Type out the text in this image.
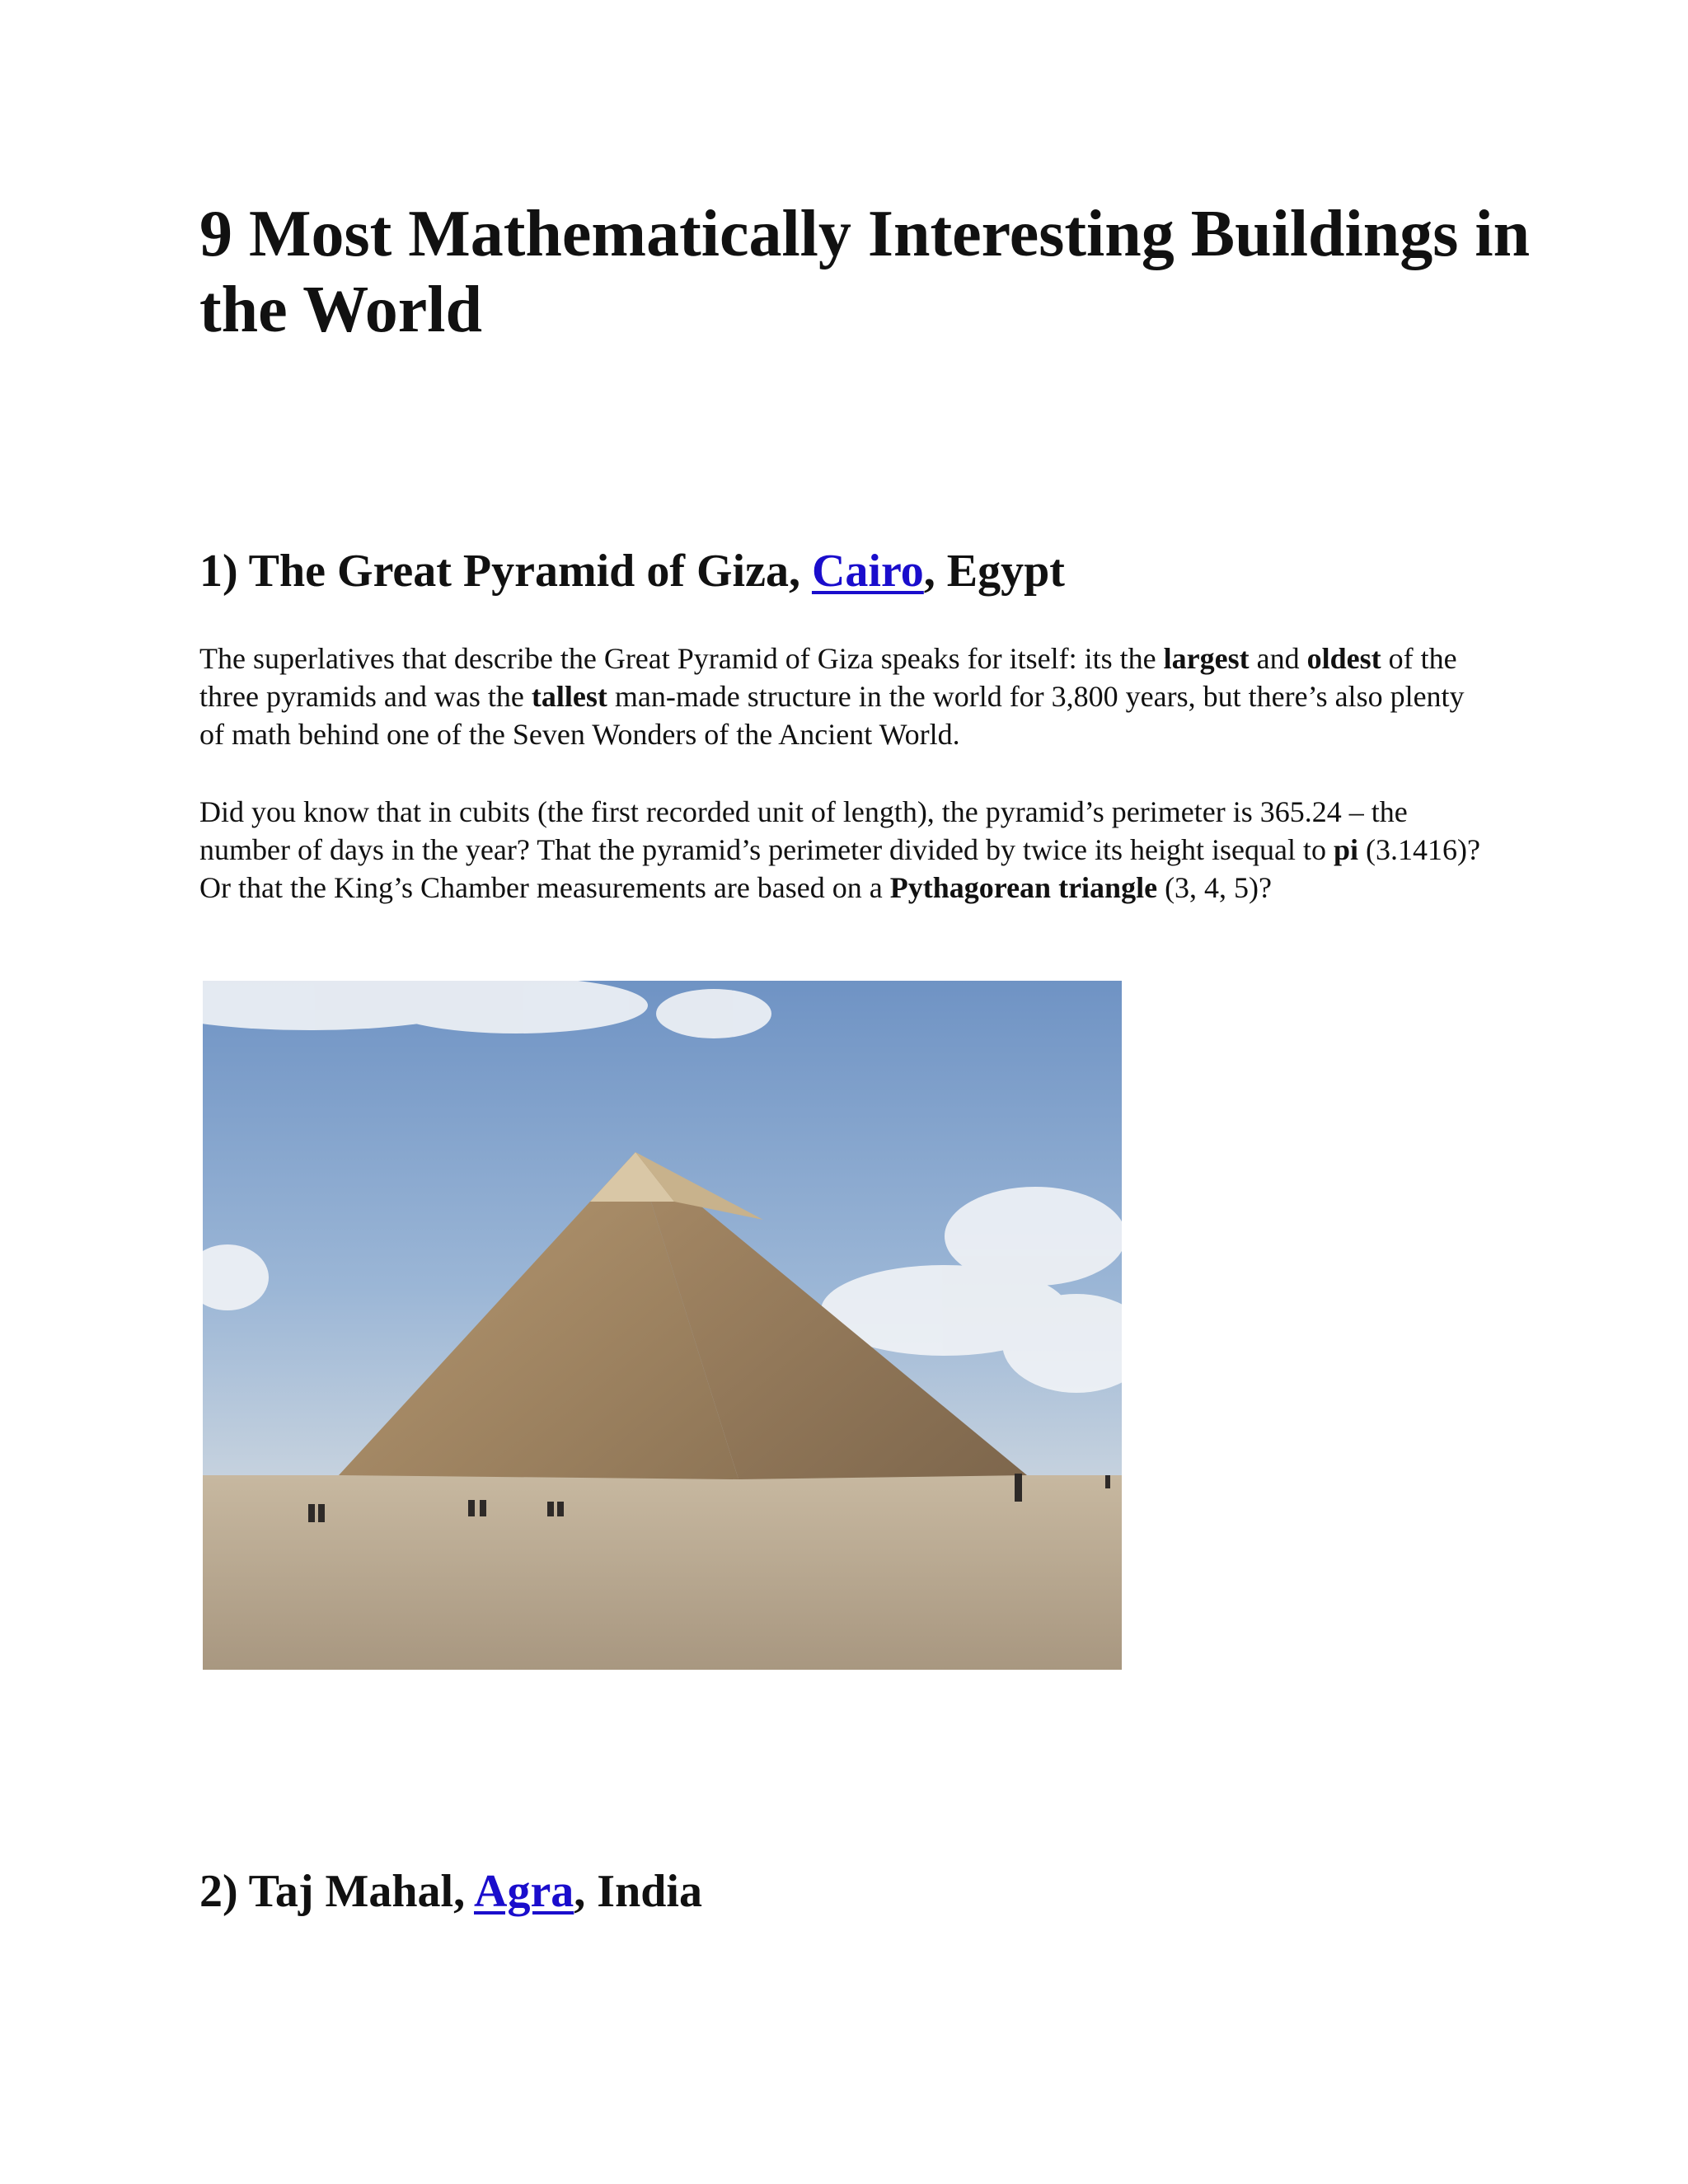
9 Most Mathematically Interesting Buildings in the World
1) The Great Pyramid of Giza, Cairo, Egypt

The superlatives that describe the Great Pyramid of Giza speaks for itself: its the largest and oldest of the three pyramids and was the tallest man-made structure in the world for 3,800 years, but there’s also plenty of math behind one of the Seven Wonders of the Ancient World.

Did you know that in cubits (the first recorded unit of length), the pyramid’s perimeter is 365.24 – the number of days in the year? That the pyramid’s perimeter divided by twice its height isequal to pi (3.1416)? Or that the King’s Chamber measurements are based on a Pythagorean triangle (3, 4, 5)?

2) Taj Mahal, Agra, India
